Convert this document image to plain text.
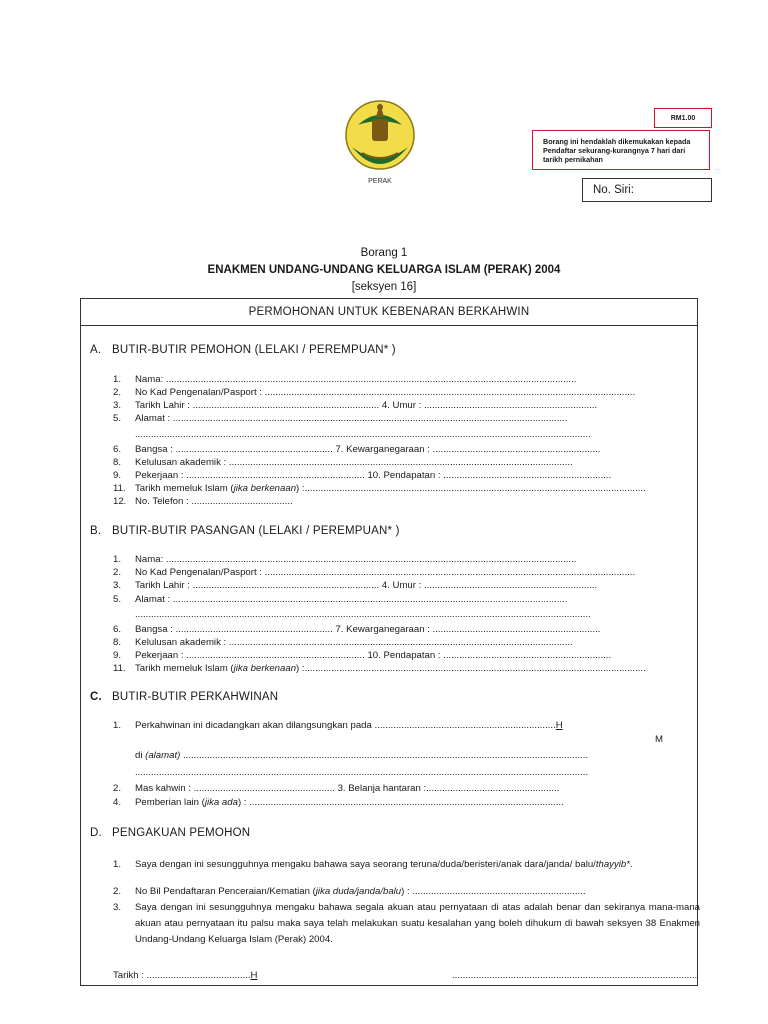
PERAK
RM1.00
Borang ini hendaklah dikemukakan kepada Pendaftar sekurang-kurangnya 7 hari dari tarikh pernikahan
No. Siri:
Borang 1
ENAKMEN UNDANG-UNDANG KELUARGA ISLAM (PERAK) 2004
[seksyen 16]
PERMOHONAN UNTUK KEBENARAN BERKAHWIN
A. BUTIR-BUTIR PEMOHON (LELAKI / PEREMPUAN* )
1. Nama: ..........................................................................................................................................................
2. No Kad Pengenalan/Pasport : ...........................................................................................................................................
3. Tarikh Lahir : ...................................................................... 4. Umur : .................................................................
5. Alamat : ....................................................................................................................................................
...........................................................................................................................................................................
6. Bangsa : ........................................................... 7. Kewarganegaraan : ...............................................................
8. Kelulusan akademik : .................................................................................................................................
9. Pekerjaan : ................................................................... 10. Pendapatan : ...............................................................
11. Tarikh memeluk Islam (jika berkenaan) :................................................................................................................................
12. No. Telefon : ......................................
B. BUTIR-BUTIR PASANGAN (LELAKI / PEREMPUAN* )
1. Nama: ..........................................................................................................................................................
2. No Kad Pengenalan/Pasport : ...........................................................................................................................................
3. Tarikh Lahir : ...................................................................... 4. Umur : .................................................................
5. Alamat : ....................................................................................................................................................
...........................................................................................................................................................................
6. Bangsa : ........................................................... 7. Kewarganegaraan : ...............................................................
8. Kelulusan akademik : .................................................................................................................................
9. Pekerjaan : ................................................................... 10. Pendapatan : ...............................................................
11. Tarikh memeluk Islam (jika berkenaan) :................................................................................................................................
C. BUTIR-BUTIR PERKAHWINAN
1. Perkahwinan ini dicadangkan akan dilangsungkan pada ....................................................................H
M
di (alamat) ........................................................................................................................................................
..........................................................................................................................................................................
2. Mas kahwin : ..................................................... 3. Belanja hantaran :..................................................
4. Pemberian lain (jika ada) : ......................................................................................................................
D. PENGAKUAN PEMOHON
1. Saya dengan ini sesungguhnya mengaku bahawa saya seorang teruna/duda/beristeri/anak dara/janda/ balu/thayyib*.
2. No Bil Pendaftaran Penceraian/Kematian (jika duda/janda/balu) : .................................................................
3. Saya dengan ini sesungguhnya mengaku bahawa segala akuan atau pernyataan di atas adalah benar dan sekiranya mana-mana akuan atau pernyataan itu palsu maka saya telah melakukan suatu kesalahan yang boleh dihukum di bawah seksyen 38 Enakmen Undang-Undang Keluarga Islam (Perak) 2004.
Tarikh : .......................................H	............................................................................................
